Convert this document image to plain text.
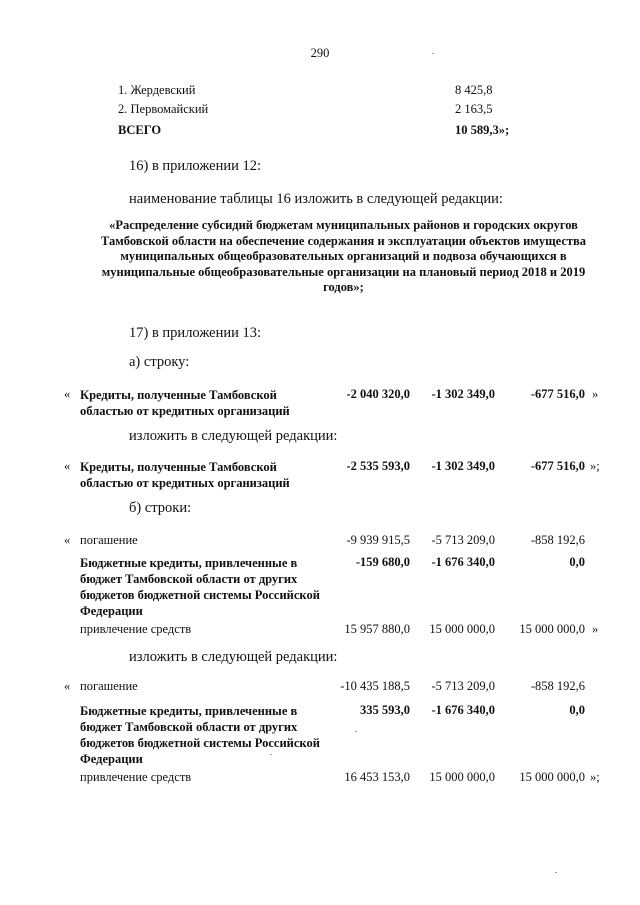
290
1. Жердевский	8 425,8
2. Первомайский	2 163,5
ВСЕГО	10 589,3»;
16) в приложении 12:
наименование таблицы 16 изложить в следующей редакции:
«Распределение субсидий бюджетам муниципальных районов и городских округов Тамбовской области на обеспечение содержания и эксплуатации объектов имущества муниципальных общеобразовательных организаций и подвоза обучающихся в муниципальные общеобразовательные организации на плановый период 2018 и 2019 годов»;
17) в приложении 13:
а) строку:
« Кредиты, полученные Тамбовской областью от кредитных организаций
-2 040 320,0	-1 302 349,0	-677 516,0 »
изложить в следующей редакции:
« Кредиты, полученные Тамбовской областью от кредитных организаций
-2 535 593,0	-1 302 349,0	-677 516,0 »;
б) строки:
« погашение	-9 939 915,5	-5 713 209,0	-858 192,6
Бюджетные кредиты, привлеченные в бюджет Тамбовской области от других бюджетов бюджетной системы Российской Федерации
-159 680,0	-1 676 340,0	0,0
привлечение средств	15 957 880,0	15 000 000,0	15 000 000,0 »
изложить в следующей редакции:
« погашение	-10 435 188,5	-5 713 209,0	-858 192,6
Бюджетные кредиты, привлеченные в бюджет Тамбовской области от других бюджетов бюджетной системы Российской Федерации
335 593,0	-1 676 340,0	0,0
привлечение средств	16 453 153,0	15 000 000,0	15 000 000,0 »;
